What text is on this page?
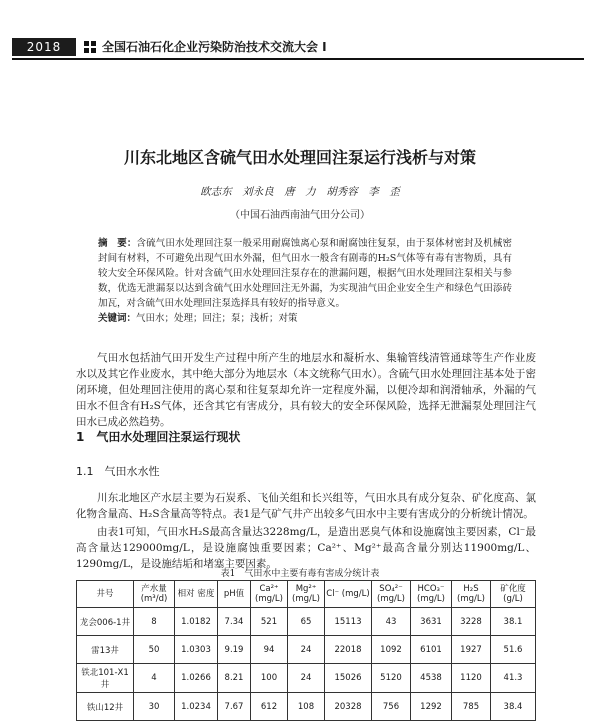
2018	全国石油石化企业污染防治技术交流大会 I
川东北地区含硫气田水处理回注泵运行浅析与对策
欧志东　刘永良　唐　力　胡秀容　李　歪
（中国石油西南油气田分公司）
摘　要：含硫气田水处理回注泵一般采用耐腐蚀离心泵和耐腐蚀往复泵，由于泵体材密封及机械密封间有材料，不可避免出现气田水外漏，但气田水一般含有剧毒的H₂S气体等有毒有害物质，具有较大安全环保风险。针对含硫气田水处理回注泵存在的泄漏问题，根据气田水处理回注泵相关与参数，优选无泄漏泵以达到含硫气田水处理回注无外漏，为实现油气田企业安全生产和绿色气田添砖加瓦，对含硫气田水处理回注泵选择具有较好的指导意义。
关键词：气田水；处理；回注；泵；浅析；对策
气田水包括油气田开发生产过程中所产生的地层水和凝析水、集输管线清管通球等生产作业废水以及其它作业废水，其中绝大部分为地层水（本文统称气田水）。含硫气田水处理回注基本处于密闭环境，但处理回注使用的离心泵和往复泵却允许一定程度外漏，以便冷却和润滑轴承，外漏的气田水不但含有H₂S气体，还含其它有害成分，具有较大的安全环保风险，选择无泄漏泵处理回注气田水已成必然趋势。
1　气田水处理回注泵运行现状
1.1　气田水水性
川东北地区产水层主要为石炭系、飞仙关组和长兴组等，气田水具有成分复杂、矿化度高、氯化物含量高、H₂S含量高等特点。表1是气矿气井产出较多气田水中主要有害成分的分析统计情况。
由表1可知，气田水H₂S最高含量达3228mg/L，是造出恶臭气体和设施腐蚀主要因素，Cl⁻最高含量达129000mg/L，是设施腐蚀重要因素；Ca²⁺、Mg²⁺最高含量分别达11900mg/L、1290mg/L，是设施结垢和堵塞主要因素。
表1　气田水中主要有毒有害成分统计表
井号	产水量 (m³/d)	相对 密度	pH值	Ca²⁺ (mg/L)	Mg²⁺ (mg/L)	Cl⁻ (mg/L)	SO₄²⁻ (mg/L)	HCO₃⁻ (mg/L)	H₂S (mg/L)	矿化度 (g/L)
龙会006-1井	8	1.0182	7.34	521	65	15113	43	3631	3228	38.1
雷13井	50	1.0303	9.19	94	24	22018	1092	6101	1927	51.6
铁北101-X1井	4	1.0266	8.21	100	24	15026	5120	4538	1120	41.3
铁山12井	30	1.0234	7.67	612	108	20328	756	1292	785	38.4
